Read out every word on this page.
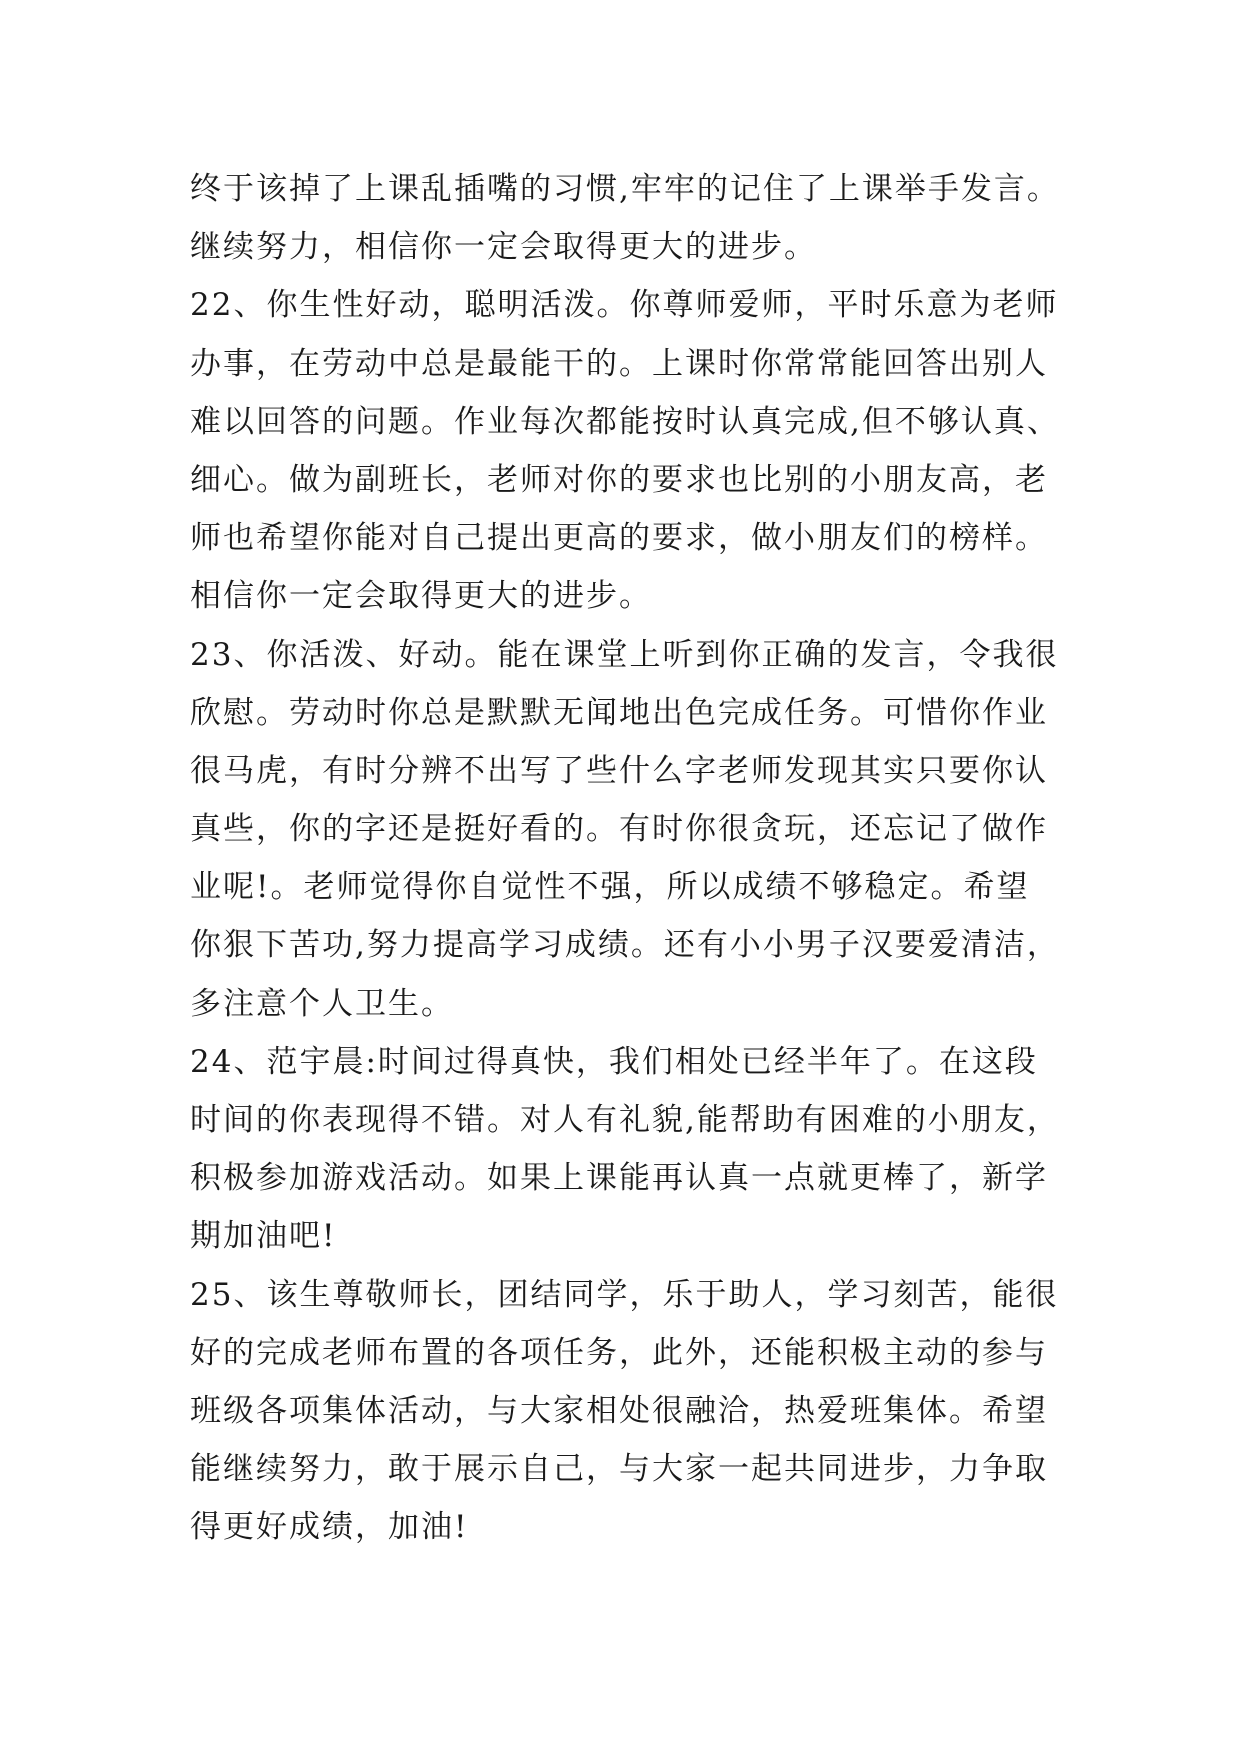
终于该掉了上课乱插嘴的习惯,牢牢的记住了上课举手发言。
继续努力，相信你一定会取得更大的进步。
22、你生性好动，聪明活泼。你尊师爱师，平时乐意为老师
办事，在劳动中总是最能干的。上课时你常常能回答出别人
难以回答的问题。作业每次都能按时认真完成,但不够认真、
细心。做为副班长，老师对你的要求也比别的小朋友高，老
师也希望你能对自己提出更高的要求，做小朋友们的榜样。
相信你一定会取得更大的进步。
23、你活泼、好动。能在课堂上听到你正确的发言，令我很
欣慰。劳动时你总是默默无闻地出色完成任务。可惜你作业
很马虎，有时分辨不出写了些什么字老师发现其实只要你认
真些，你的字还是挺好看的。有时你很贪玩，还忘记了做作
业呢!。老师觉得你自觉性不强，所以成绩不够稳定。希望
你狠下苦功,努力提高学习成绩。还有小小男子汉要爱清洁，
多注意个人卫生。
24、范宇晨:时间过得真快，我们相处已经半年了。在这段
时间的你表现得不错。对人有礼貌,能帮助有困难的小朋友，
积极参加游戏活动。如果上课能再认真一点就更棒了，新学
期加油吧!
25、该生尊敬师长，团结同学，乐于助人，学习刻苦，能很
好的完成老师布置的各项任务，此外，还能积极主动的参与
班级各项集体活动，与大家相处很融洽，热爱班集体。希望
能继续努力，敢于展示自己，与大家一起共同进步，力争取
得更好成绩，加油!
